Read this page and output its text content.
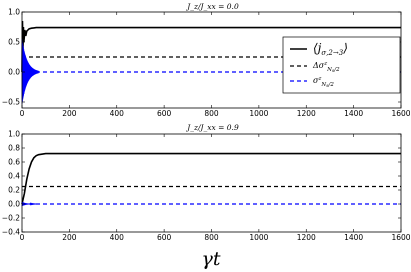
J_z/J_xx = 0.0
J_z/J_xx = 0.9
0	200	400	600	800	1000	1200	1400	1600
−0.5
0.0
0.5
1.0
⟨jσ,2→3⟩
$\Delta\sigma^z_Ns/2$
$\sigma^z_Ns/2$
0	200	400	600	800	1000	1200	1400	1600
−0.4
−0.2
0.0
0.2
0.4
0.6
0.8
1.0
γt
